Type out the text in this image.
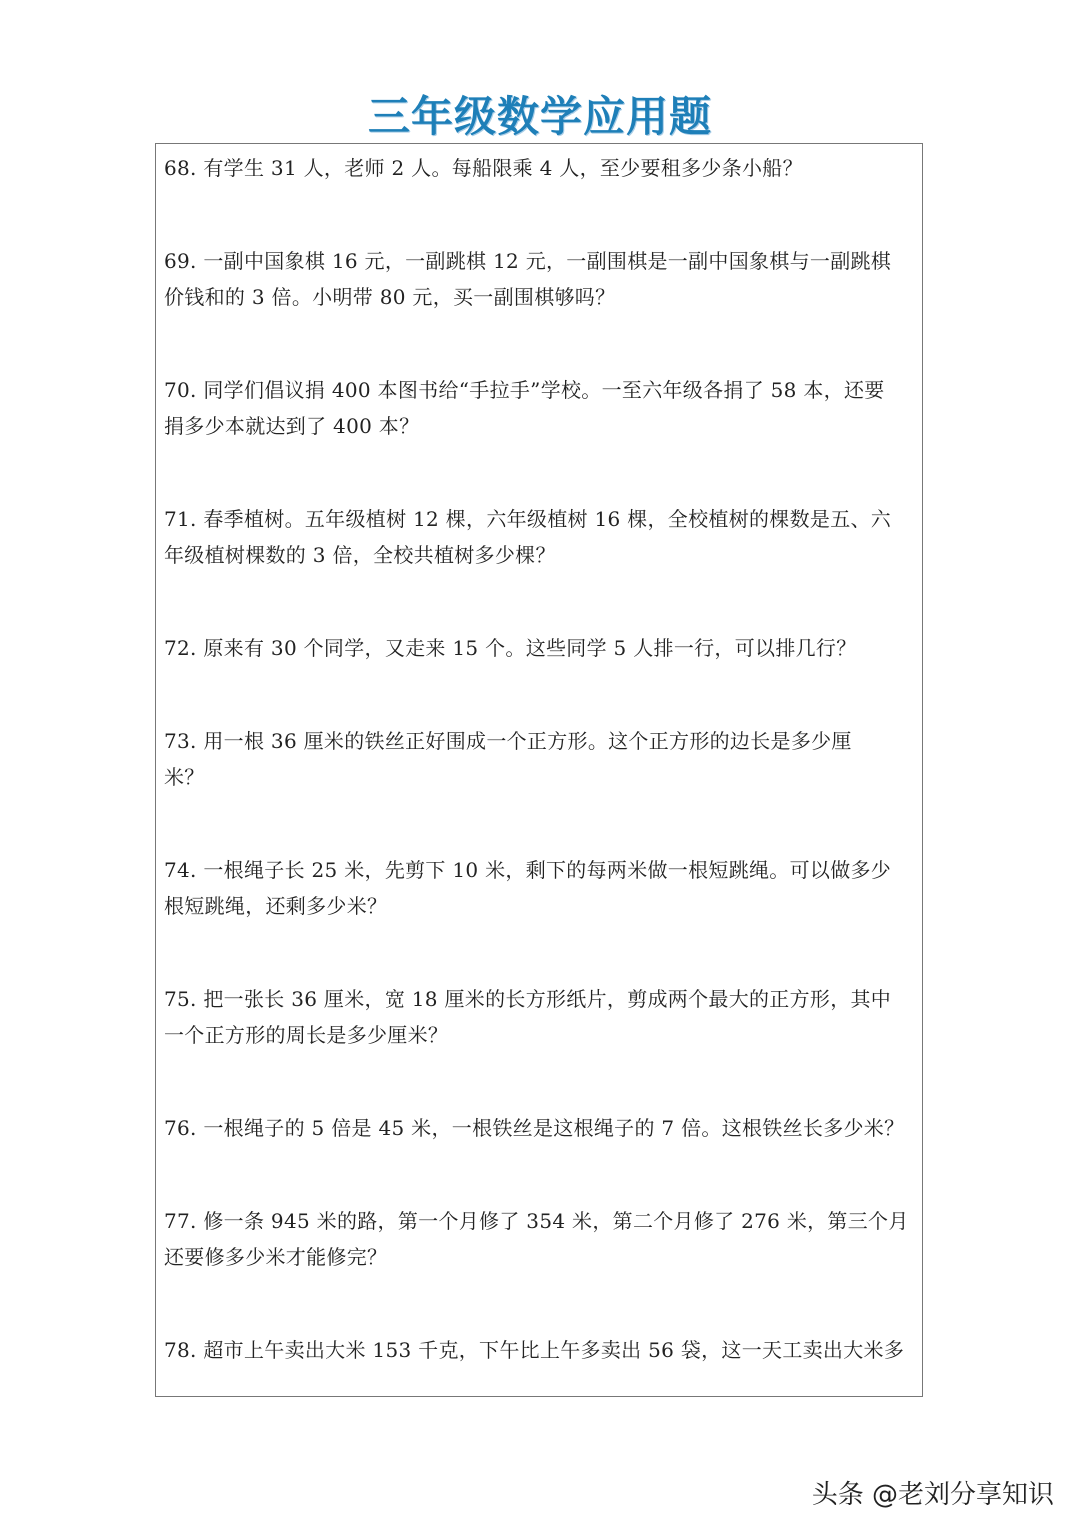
三年级数学应用题
68. 有学生 31 人，老师 2 人。每船限乘 4 人，至少要租多少条小船？
69. 一副中国象棋 16 元，一副跳棋 12 元，一副围棋是一副中国象棋与一副跳棋
价钱和的 3 倍。小明带 80 元，买一副围棋够吗？
70. 同学们倡议捐 400 本图书给“手拉手”学校。一至六年级各捐了 58 本，还要
捐多少本就达到了 400 本？
71. 春季植树。五年级植树 12 棵，六年级植树 16 棵，全校植树的棵数是五、六
年级植树棵数的 3 倍，全校共植树多少棵？
72. 原来有 30 个同学，又走来 15 个。这些同学 5 人排一行，可以排几行？
73. 用一根 36 厘米的铁丝正好围成一个正方形。这个正方形的边长是多少厘
米？
74. 一根绳子长 25 米，先剪下 10 米，剩下的每两米做一根短跳绳。可以做多少
根短跳绳，还剩多少米？
75. 把一张长 36 厘米，宽 18 厘米的长方形纸片，剪成两个最大的正方形，其中
一个正方形的周长是多少厘米？
76. 一根绳子的 5 倍是 45 米，一根铁丝是这根绳子的 7 倍。这根铁丝长多少米？
77. 修一条 945 米的路，第一个月修了 354 米，第二个月修了 276 米，第三个月
还要修多少米才能修完？
78. 超市上午卖出大米 153 千克，下午比上午多卖出 56 袋，这一天工卖出大米多
头条 @老刘分享知识
